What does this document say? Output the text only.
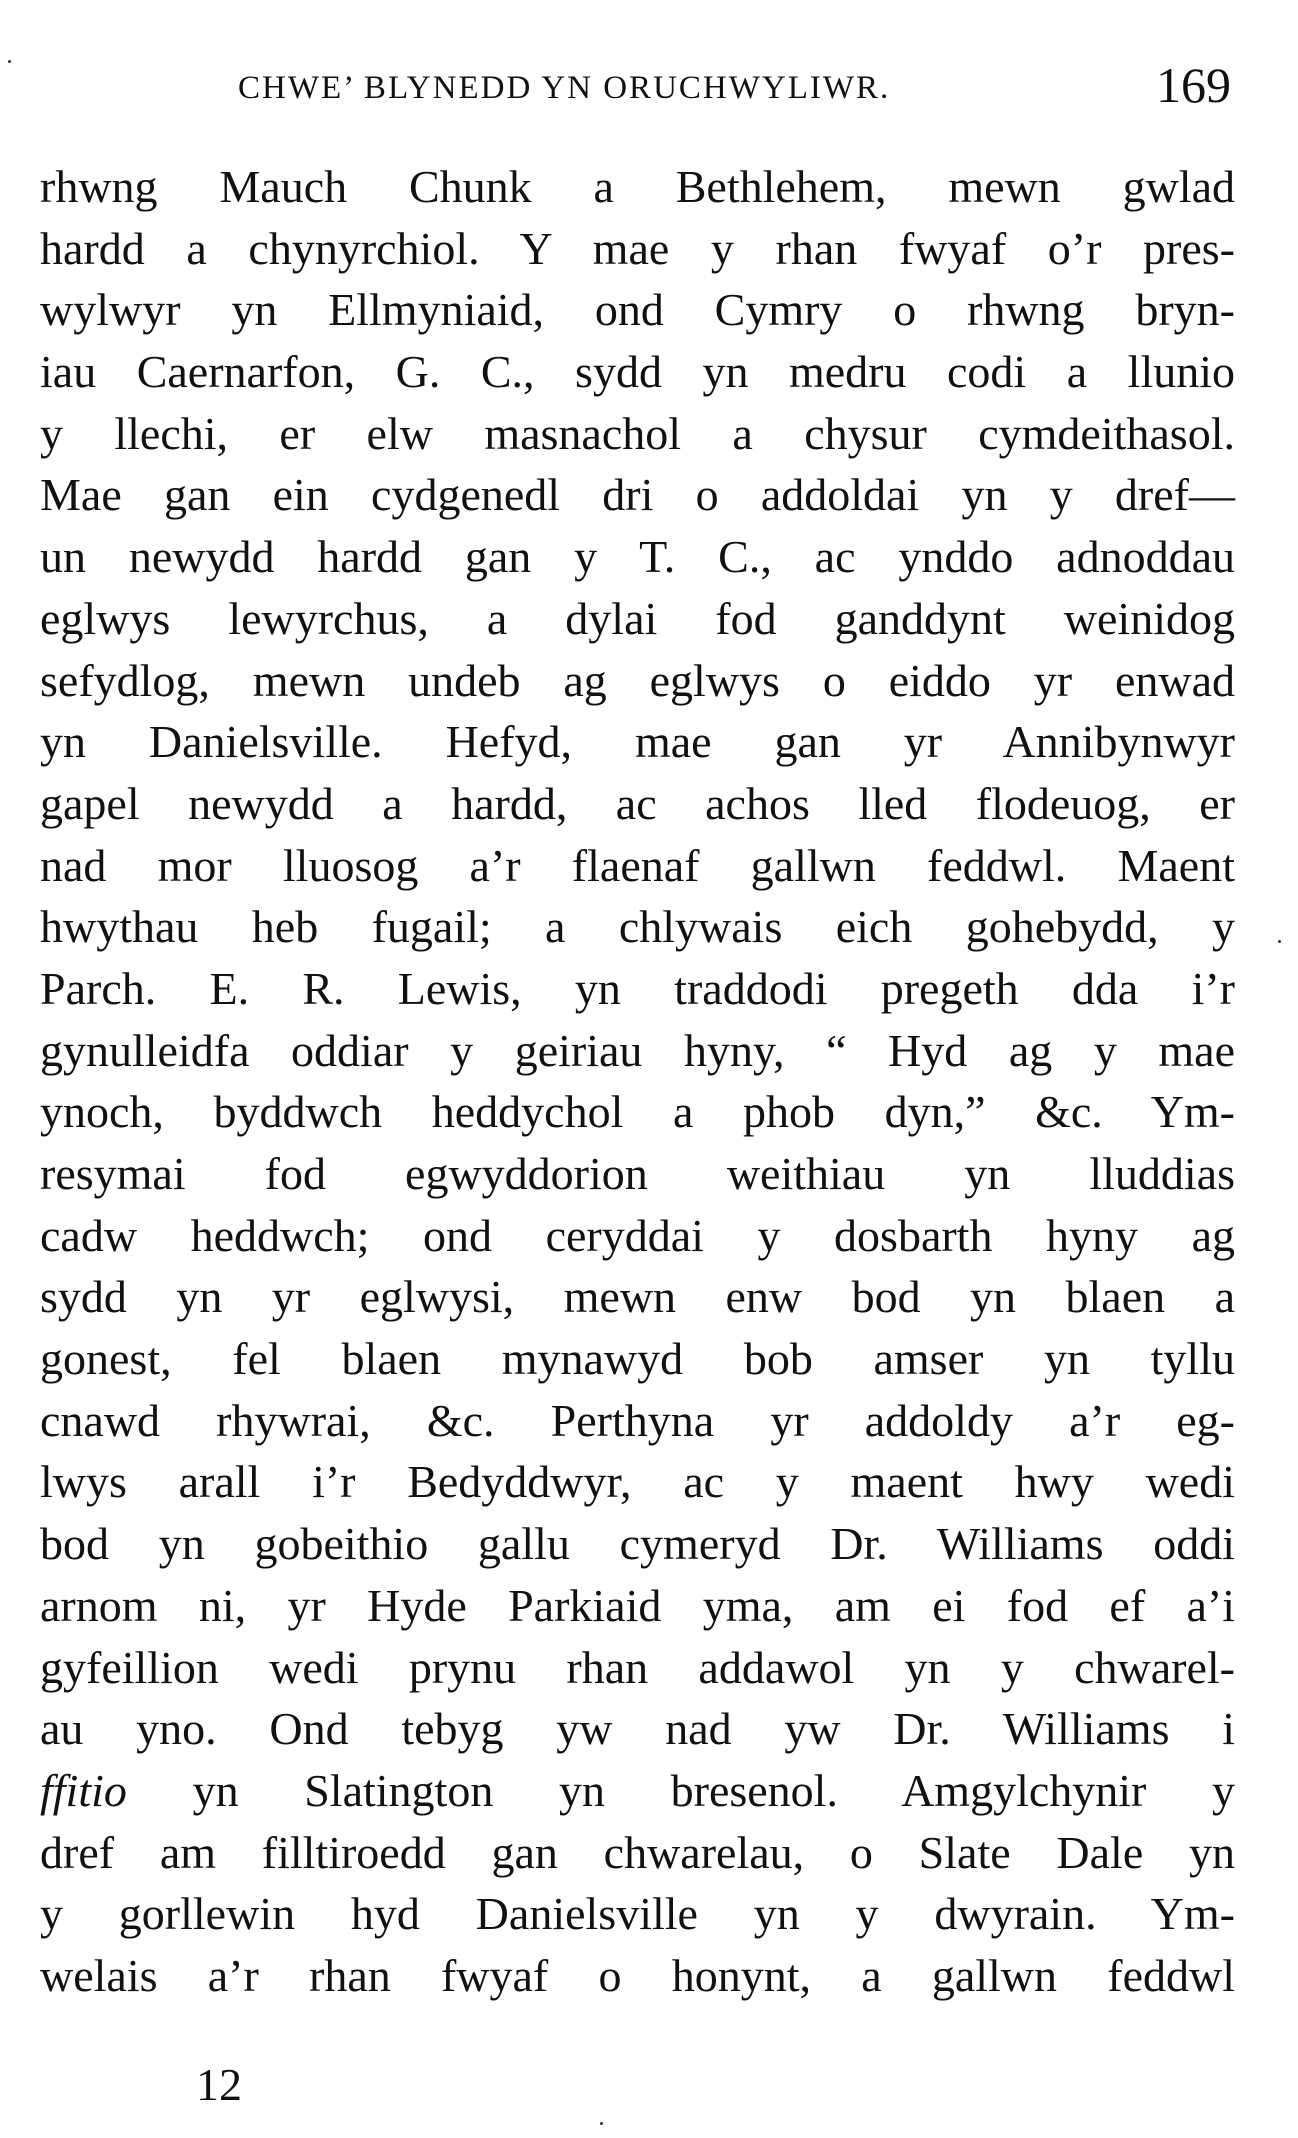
CHWE’ BLYNEDD YN ORUCHWYLIWR.	169
rhwng Mauch Chunk a Bethlehem, mewn gwlad
hardd a chynyrchiol. Y mae y rhan fwyaf o’r pres-
wylwyr yn Ellmyniaid, ond Cymry o rhwng bryn-
iau Caernarfon, G. C., sydd yn medru codi a llunio
y llechi, er elw masnachol a chysur cymdeithasol.
Mae gan ein cydgenedl dri o addoldai yn y dref—
un newydd hardd gan y T. C., ac ynddo adnoddau
eglwys lewyrchus, a dylai fod ganddynt weinidog
sefydlog, mewn undeb ag eglwys o eiddo yr enwad
yn Danielsville. Hefyd, mae gan yr Annibynwyr
gapel newydd a hardd, ac achos lled flodeuog, er
nad mor lluosog a’r flaenaf gallwn feddwl. Maent
hwythau heb fugail; a chlywais eich gohebydd, y
Parch. E. R. Lewis, yn traddodi pregeth dda i’r
gynulleidfa oddiar y geiriau hyny, “ Hyd ag y mae
ynoch, byddwch heddychol a phob dyn,” &c. Ym-
resymai fod egwyddorion weithiau yn lluddias
cadw heddwch; ond ceryddai y dosbarth hyny ag
sydd yn yr eglwysi, mewn enw bod yn blaen a
gonest, fel blaen mynawyd bob amser yn tyllu
cnawd rhywrai, &c. Perthyna yr addoldy a’r eg-
lwys arall i’r Bedyddwyr, ac y maent hwy wedi
bod yn gobeithio gallu cymeryd Dr. Williams oddi
arnom ni, yr Hyde Parkiaid yma, am ei fod ef a’i
gyfeillion wedi prynu rhan addawol yn y chwarel-
au yno. Ond tebyg yw nad yw Dr. Williams i
ffitio yn Slatington yn bresenol. Amgylchynir y
dref am filltiroedd gan chwarelau, o Slate Dale yn
y gorllewin hyd Danielsville yn y dwyrain. Ym-
welais a’r rhan fwyaf o honynt, a gallwn feddwl
12
